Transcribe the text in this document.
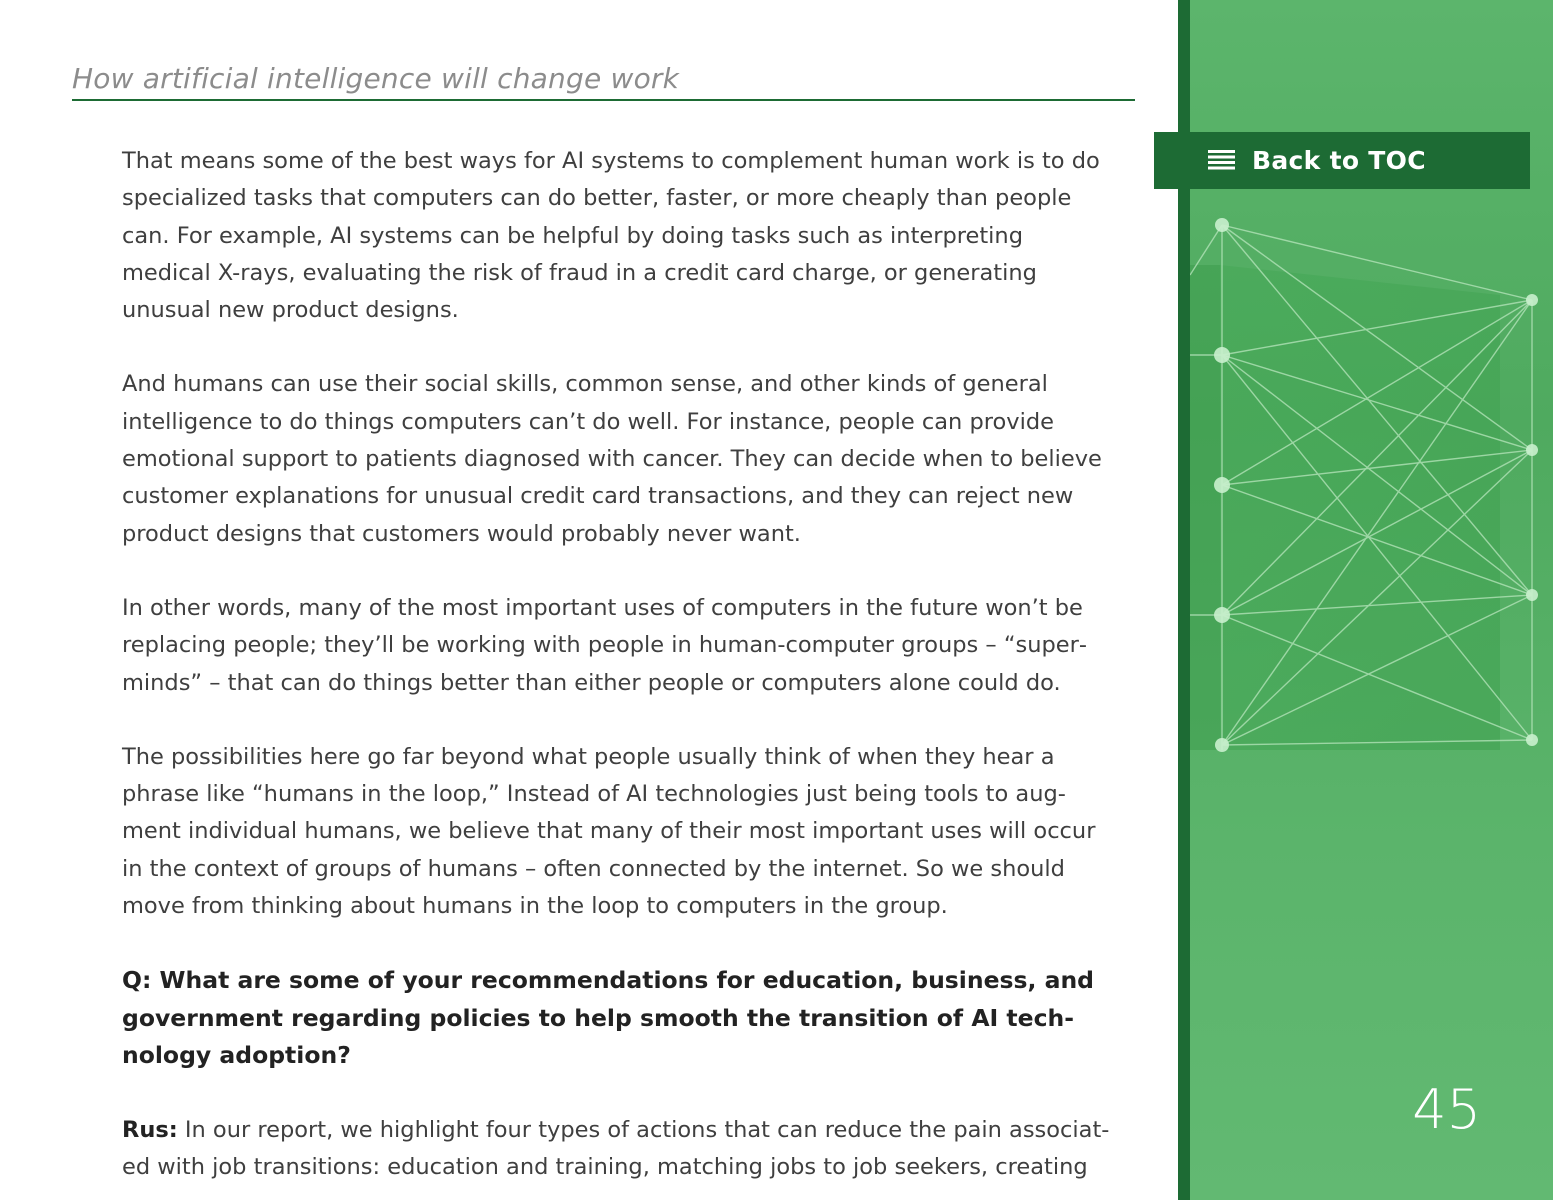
How artificial intelligence will change work

That means some of the best ways for AI systems to complement human work is to do specialized tasks that computers can do better, faster, or more cheaply than people can. For example, AI systems can be helpful by doing tasks such as interpreting medical X-rays, evaluating the risk of fraud in a credit card charge, or generating unusual new product designs.

And humans can use their social skills, common sense, and other kinds of general intelligence to do things computers can’t do well. For instance, people can provide emotional support to patients diagnosed with cancer. They can decide when to believe customer explanations for unusual credit card transactions, and they can reject new product designs that customers would probably never want.

In other words, many of the most important uses of computers in the future won’t be replacing people; they’ll be working with people in human-computer groups – “superminds” – that can do things better than either people or computers alone could do.

The possibilities here go far beyond what people usually think of when they hear a phrase like “humans in the loop,” Instead of AI technologies just being tools to augment individual humans, we believe that many of their most important uses will occur in the context of groups of humans – often connected by the internet. So we should move from thinking about humans in the loop to computers in the group.

Q: What are some of your recommendations for education, business, and government regarding policies to help smooth the transition of AI technology adoption?

Rus: In our report, we highlight four types of actions that can reduce the pain associated with job transitions: education and training, matching jobs to job seekers, creating

Back to TOC
45
